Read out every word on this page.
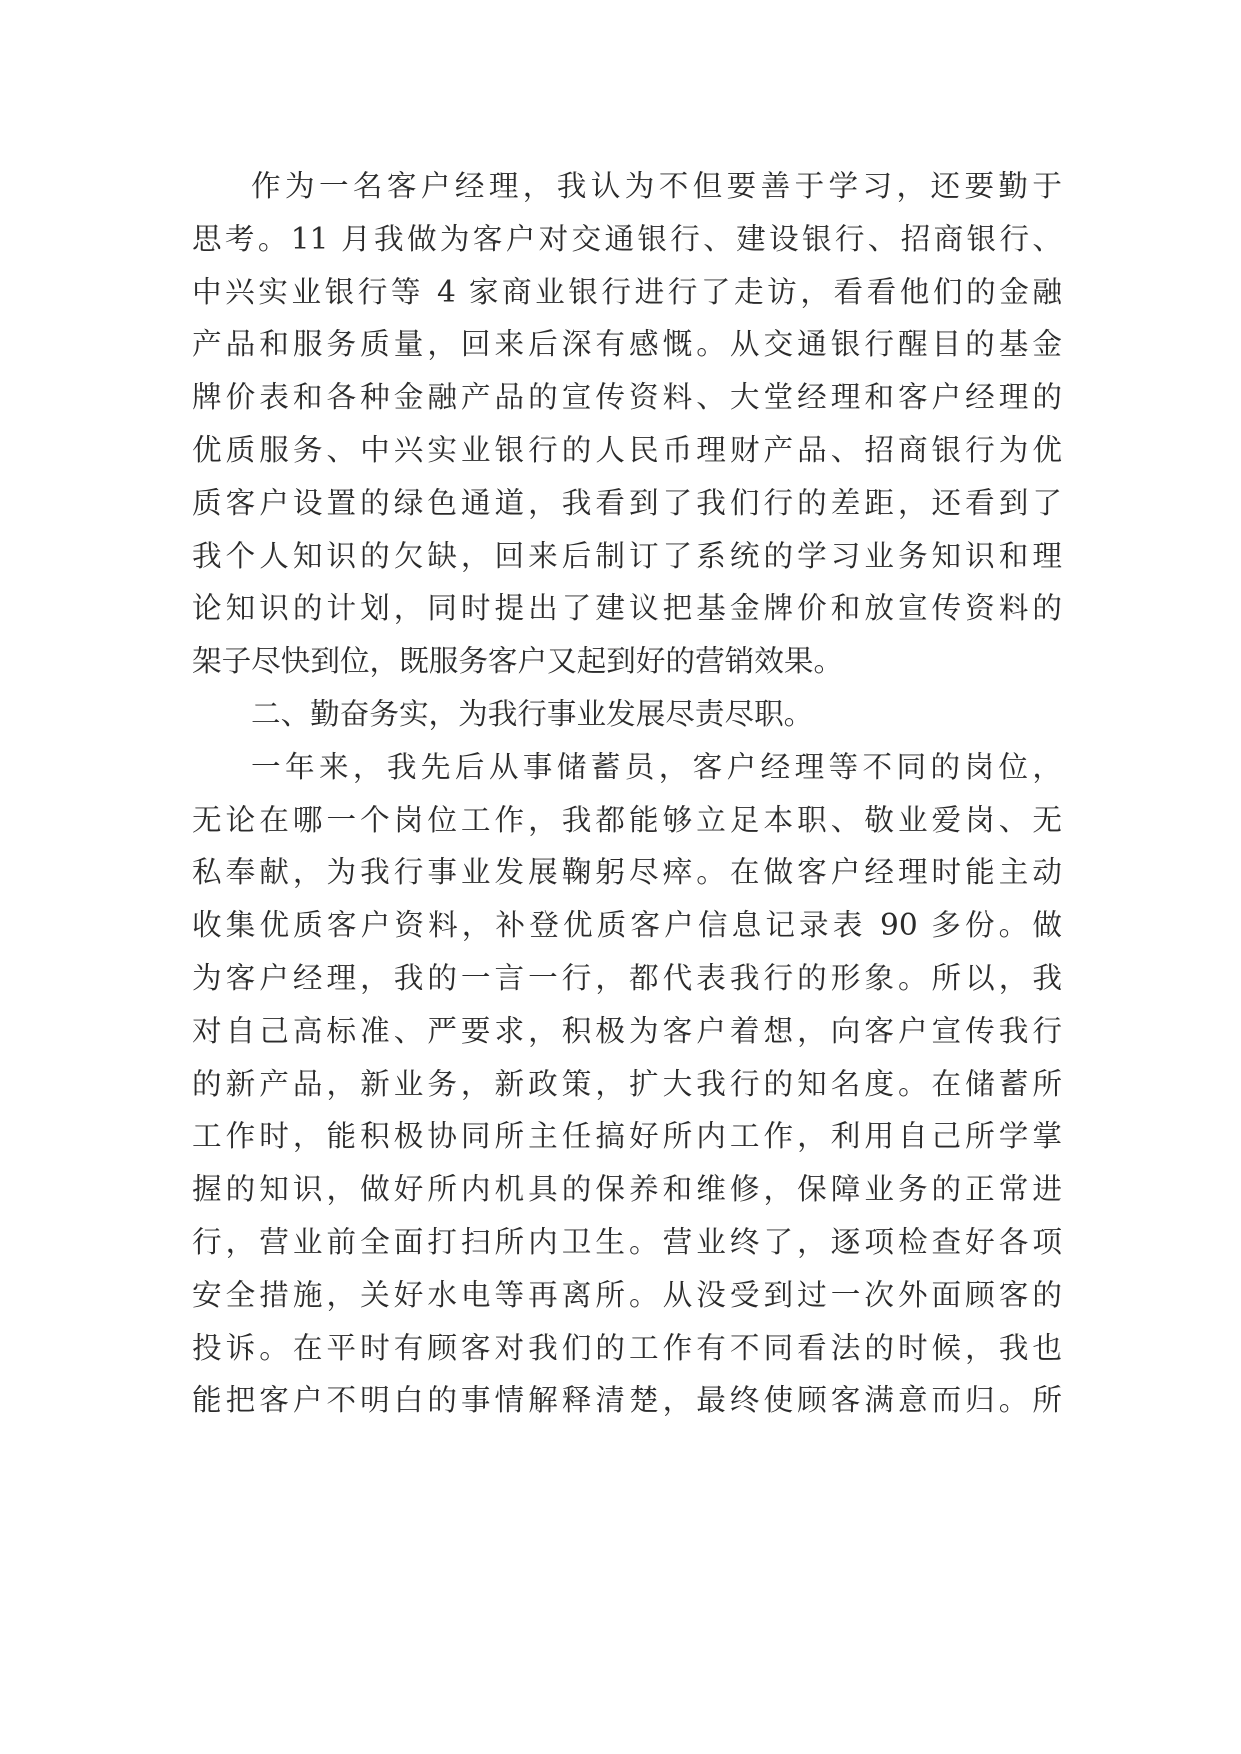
作为一名客户经理，我认为不但要善于学习，还要勤于
思考。11 月我做为客户对交通银行、建设银行、招商银行、
中兴实业银行等 4 家商业银行进行了走访，看看他们的金融
产品和服务质量，回来后深有感慨。从交通银行醒目的基金
牌价表和各种金融产品的宣传资料、大堂经理和客户经理的
优质服务、中兴实业银行的人民币理财产品、招商银行为优
质客户设置的绿色通道，我看到了我们行的差距，还看到了
我个人知识的欠缺，回来后制订了系统的学习业务知识和理
论知识的计划，同时提出了建议把基金牌价和放宣传资料的
架子尽快到位，既服务客户又起到好的营销效果。
二、勤奋务实，为我行事业发展尽责尽职。
一年来，我先后从事储蓄员，客户经理等不同的岗位，
无论在哪一个岗位工作，我都能够立足本职、敬业爱岗、无
私奉献，为我行事业发展鞠躬尽瘁。在做客户经理时能主动
收集优质客户资料，补登优质客户信息记录表 90 多份。做
为客户经理，我的一言一行，都代表我行的形象。所以，我
对自己高标准、严要求，积极为客户着想，向客户宣传我行
的新产品，新业务，新政策，扩大我行的知名度。在储蓄所
工作时，能积极协同所主任搞好所内工作，利用自己所学掌
握的知识，做好所内机具的保养和维修，保障业务的正常进
行，营业前全面打扫所内卫生。营业终了，逐项检查好各项
安全措施，关好水电等再离所。从没受到过一次外面顾客的
投诉。在平时有顾客对我们的工作有不同看法的时候，我也
能把客户不明白的事情解释清楚，最终使顾客满意而归。所
